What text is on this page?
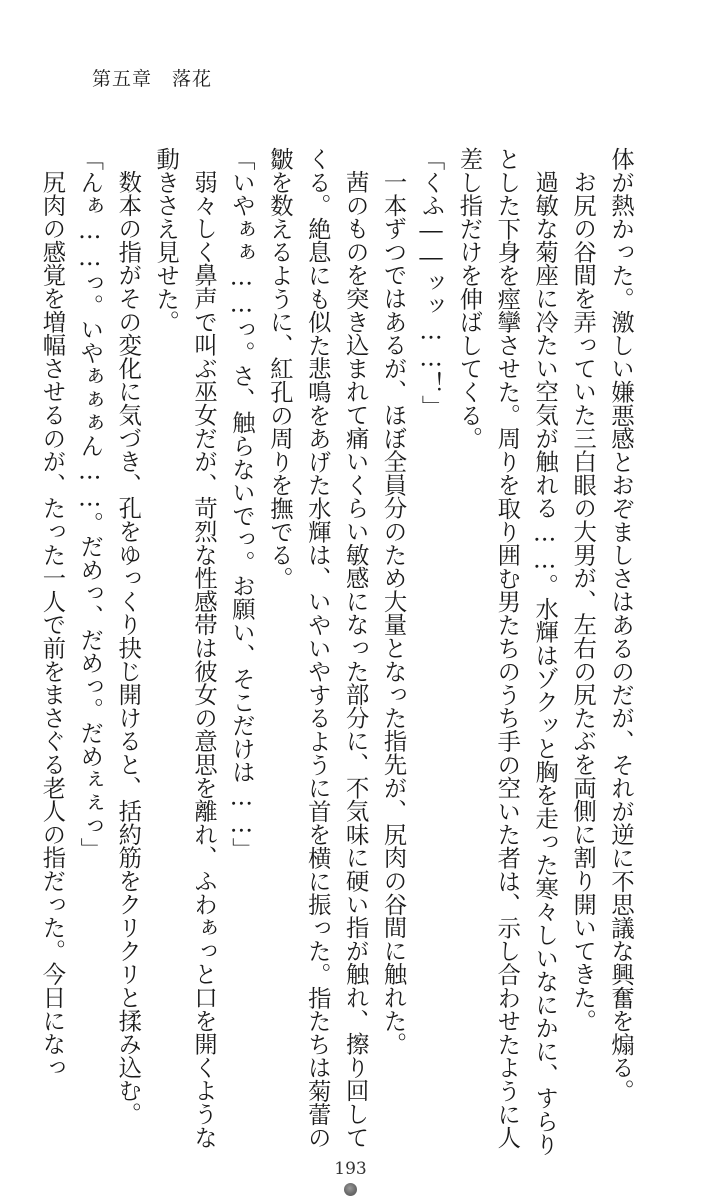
第五章　落花

体が熱かった。激しい嫌悪感とおぞましさはあるのだが、それが逆に不思議な興奮を煽る。

お尻の谷間を弄っていた三白眼の大男が、左右の尻たぶを両側に割り開いてきた。

過敏な菊座に冷たい空気が触れる……。水輝はゾクッと胸を走った寒々しいなにかに、すらりとした下身を痙攣させた。周りを取り囲む男たちのうち手の空いた者は、示し合わせたように人差し指だけを伸ばしてくる。

「くふ――ッッ……！」

一本ずつではあるが、ほぼ全員分のため大量となった指先が、尻肉の谷間に触れた。

茜のものを突き込まれて痛いくらい敏感になった部分に、不気味に硬い指が触れ、擦り回してくる。絶息にも似た悲鳴をあげた水輝は、いやいやするように首を横に振った。指たちは菊蕾の皺を数えるように、紅孔の周りを撫でる。

「いやぁぁ……っ。さ、触らないでっ。お願い、そこだけは……」

弱々しく鼻声で叫ぶ巫女だが、苛烈な性感帯は彼女の意思を離れ、ふわぁっと口を開くような動きさえ見せた。

数本の指がその変化に気づき、孔をゆっくり抉じ開けると、括約筋をクリクリと揉み込む。

「んぁ……っ。いやぁぁぁん……。だめっ、だめっ。だめぇぇっ」

尻肉の感覚を増幅させるのが、たった一人で前をまさぐる老人の指だった。今日になっ

193
